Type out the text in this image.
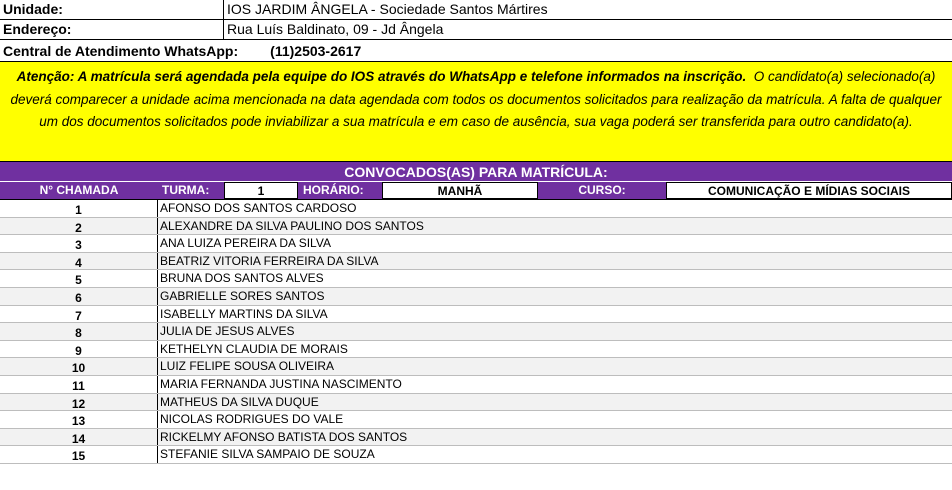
Unidade:	IOS JARDIM ÂNGELA - Sociedade Santos Mártires
Endereço:	Rua Luís Baldinato, 09 - Jd Ângela
Central de Atendimento WhatsApp:	(11)2503-2617
Atenção: A matrícula será agendada pela equipe do IOS através do WhatsApp e telefone informados na inscrição. O candidato(a) selecionado(a) deverá comparecer a unidade acima mencionada na data agendada com todos os documentos solicitados para realização da matrícula. A falta de qualquer um dos documentos solicitados pode inviabilizar a sua matrícula e em caso de ausência, sua vaga poderá ser transferida para outro candidato(a).
CONVOCADOS(AS) PARA MATRÍCULA:
N° CHAMADA	TURMA:	1	HORÁRIO:	MANHÃ	CURSO:	COMUNICAÇÃO E MÍDIAS SOCIAIS
1	AFONSO DOS SANTOS CARDOSO
2	ALEXANDRE DA SILVA PAULINO DOS SANTOS
3	ANA LUIZA PEREIRA DA SILVA
4	BEATRIZ VITORIA FERREIRA DA SILVA
5	BRUNA DOS SANTOS ALVES
6	GABRIELLE SORES SANTOS
7	ISABELLY MARTINS DA SILVA
8	JULIA DE JESUS ALVES
9	KETHELYN CLAUDIA DE MORAIS
10	LUIZ FELIPE SOUSA OLIVEIRA
11	MARIA FERNANDA JUSTINA NASCIMENTO
12	MATHEUS DA SILVA DUQUE
13	NICOLAS RODRIGUES DO VALE
14	RICKELMY AFONSO BATISTA DOS SANTOS
15	STEFANIE SILVA SAMPAIO DE SOUZA
